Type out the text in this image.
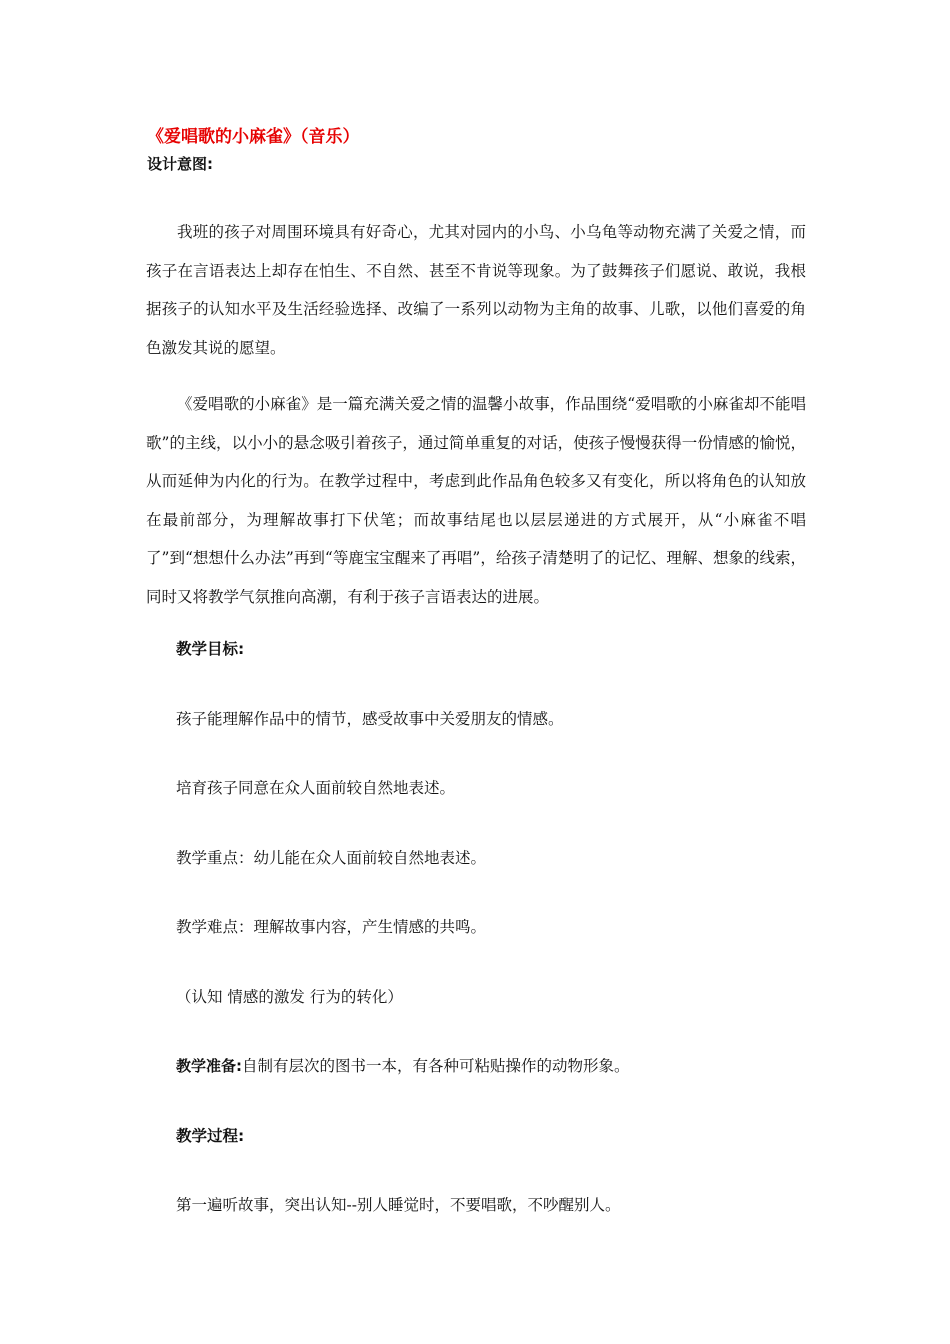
《爱唱歌的小麻雀》（音乐）
设计意图:

我班的孩子对周围环境具有好奇心，尤其对园内的小鸟、小乌龟等动物充满了关爱之情，而孩子在言语表达上却存在怕生、不自然、甚至不肯说等现象。为了鼓舞孩子们愿说、敢说，我根据孩子的认知水平及生活经验选择、改编了一系列以动物为主角的故事、儿歌，以他们喜爱的角色激发其说的愿望。

《爱唱歌的小麻雀》是一篇充满关爱之情的温馨小故事，作品围绕“爱唱歌的小麻雀却不能唱歌”的主线，以小小的悬念吸引着孩子，通过简单重复的对话，使孩子慢慢获得一份情感的愉悦，从而延伸为内化的行为。在教学过程中，考虑到此作品角色较多又有变化，所以将角色的认知放在最前部分，为理解故事打下伏笔；而故事结尾也以层层递进的方式展开，从“小麻雀不唱了”到“想想什么办法”再到“等鹿宝宝醒来了再唱”，给孩子清楚明了的记忆、理解、想象的线索，同时又将教学气氛推向高潮，有利于孩子言语表达的进展。

教学目标:

孩子能理解作品中的情节，感受故事中关爱朋友的情感。

培育孩子同意在众人面前较自然地表述。

教学重点：幼儿能在众人面前较自然地表述。

教学难点：理解故事内容，产生情感的共鸣。

（认知 情感的激发 行为的转化）

教学准备:自制有层次的图书一本，有各种可粘贴操作的动物形象。

教学过程:

第一遍听故事，突出认知--别人睡觉时，不要唱歌，不吵醒别人。
